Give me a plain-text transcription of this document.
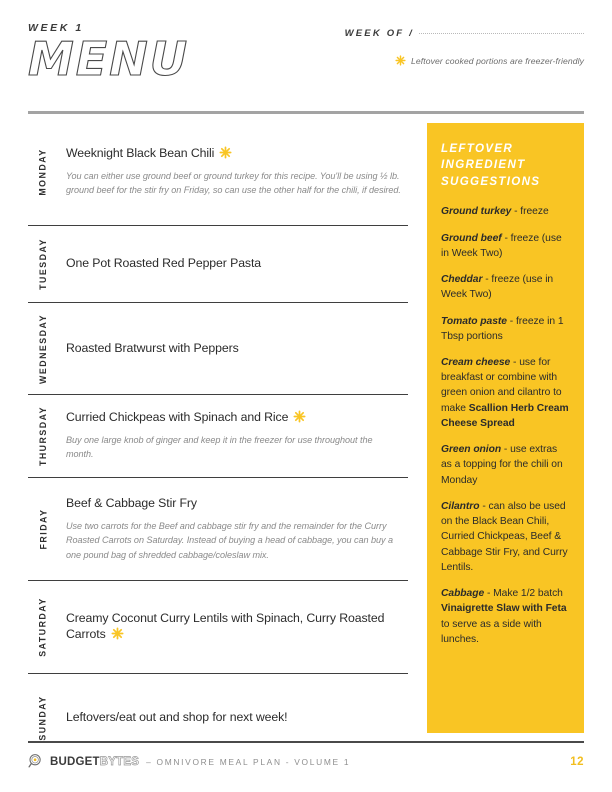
WEEK 1
MENU	WEEK OF /
Leftover cooked portions are freezer-friendly
MONDAY Weeknight Black Bean Chili
You can either use ground beef or ground turkey for this recipe. You'll be using ½ lb. ground beef for the stir fry on Friday, so can use the other half for the chili, if desired.
TUESDAY One Pot Roasted Red Pepper Pasta
WEDNESDAY Roasted Bratwurst with Peppers
THURSDAY Curried Chickpeas with Spinach and Rice
Buy one large knob of ginger and keep it in the freezer for use throughout the month.
FRIDAY
Beef & Cabbage Stir Fry
Use two carrots for the Beef and cabbage stir fry and the remainder for the Curry Roasted Carrots on Saturday. Instead of buying a head of cabbage, you can buy a one pound bag of shredded cabbage/coleslaw mix.
SATURDAY Creamy Coconut Curry Lentils with Spinach, Curry Roasted Carrots
SUNDAY Leftovers/eat out and shop for next week!
LEFTOVER INGREDIENT SUGGESTIONS
Ground turkey - freeze
Ground beef - freeze (use in Week Two)
Cheddar - freeze (use in Week Two)
Tomato paste - freeze in 1 Tbsp portions
Cream cheese - use for breakfast or combine with green onion and cilantro to make Scallion Herb Cream Cheese Spread
Green onion - use extras as a topping for the chili on Monday
Cilantro - can also be used on the Black Bean Chili, Curried Chickpeas, Beef & Cabbage Stir Fry, and Curry Lentils.
Cabbage - Make 1/2 batch Vinaigrette Slaw with Feta to serve as a side with lunches.
BUDGET BYTES – OMNIVORE MEAL PLAN - VOLUME 1	12
